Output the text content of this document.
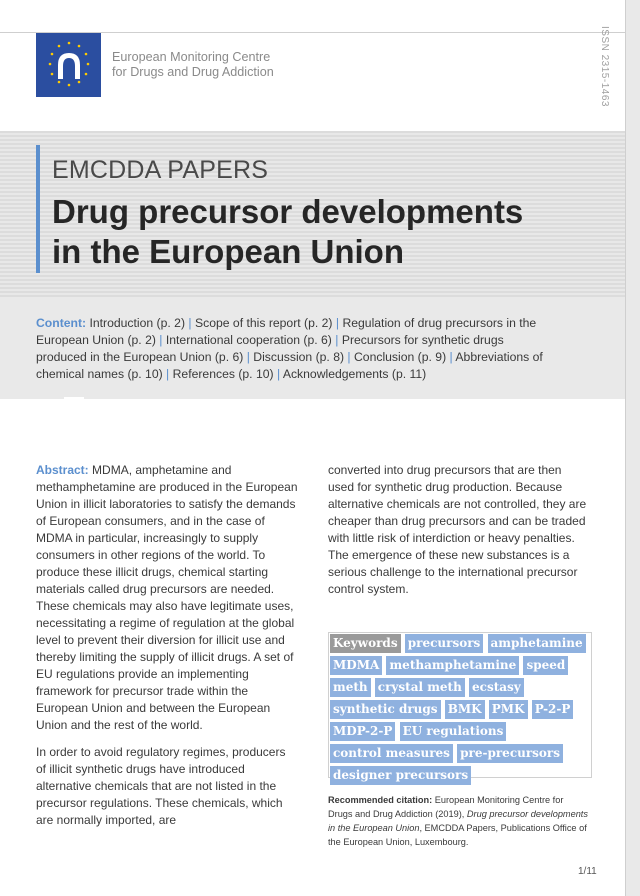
European Monitoring Centre
for Drugs and Drug Addiction
EMCDDA PAPERS
Drug precursor developments
in the European Union
Content: Introduction (p. 2) | Scope of this report (p. 2) | Regulation of drug precursors in the European Union (p. 2) | International cooperation (p. 6) | Precursors for synthetic drugs produced in the European Union (p. 6) | Discussion (p. 8) | Conclusion (p. 9) | Abbreviations of chemical names (p. 10) | References (p. 10) | Acknowledgements (p. 11)

Abstract: MDMA, amphetamine and methamphetamine are produced in the European Union in illicit laboratories to satisfy the demands of European consumers, and in the case of MDMA in particular, increasingly to supply consumers in other regions of the world. To produce these illicit drugs, chemical starting materials called drug precursors are needed. These chemicals may also have legitimate uses, necessitating a regime of regulation at the global level to prevent their diversion for illicit use and thereby limiting the supply of illicit drugs. A set of EU regulations provide an implementing framework for precursor trade within the European Union and between the European Union and the rest of the world.

In order to avoid regulatory regimes, producers of illicit synthetic drugs have introduced alternative chemicals that are not listed in the precursor regulations. These chemicals, which are normally imported, are

converted into drug precursors that are then used for synthetic drug production. Because alternative chemicals are not controlled, they are cheaper than drug precursors and can be traded with little risk of interdiction or heavy penalties. The emergence of these new substances is a serious challenge to the international precursor control system.

Keywords precursors amphetamine MDMA methamphetamine speed meth crystal meth ecstasy synthetic drugs BMK PMK P-2-P MDP-2-P EU regulations control measures pre-precursors designer precursors
Recommended citation: European Monitoring Centre for Drugs and Drug Addiction (2019), Drug precursor developments in the European Union, EMCDDA Papers, Publications Office of the European Union, Luxembourg.
1/11
ISSN 2315-1463
